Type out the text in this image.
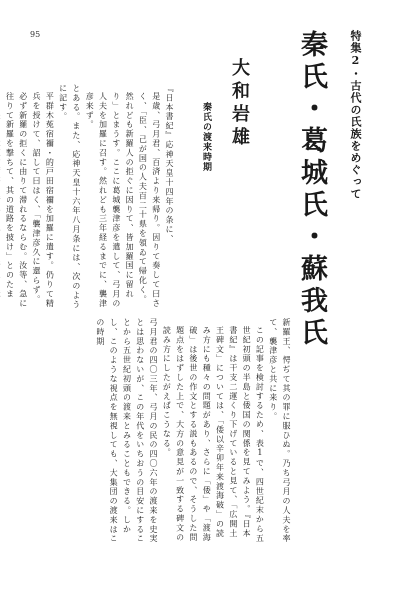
95	特集2・古代の氏族をめぐって
秦氏・葛城氏・蘇我氏
大和岩雄
秦氏の渡来時期

『日本書紀』応神天皇十四年の条に、

是歳、弓月君、百済より来帰り。因りて奏して曰さく、「臣、己が国の人夫百二十県を領ゐて帰化く。然れども新羅人の拒ぐに因りて、皆加羅国に留れり」とまうす。ここに葛城襲津彦を遣して、弓月の人夫を加羅に召す。然れども三年経るまでに、襲津彦来ず。

とある。また、応神天皇十六年八月条には、次のように記す。

平群木菟宿禰・的戸田宿禰を加羅に遣す。仍りて精兵を授けて、詔して曰はく、「襲津彦久に還らず。必ず新羅の拒くに由りて滞れるならむ。汝等、急に往りて新羅を撃ちて、其の道路を披け」とのたま

新羅王、愕ぢて其の罪に服ひぬ。乃ち弓月の人夫を率て、襲津彦と共に来り。

この記事を検討するため、表1で、四世紀末から五世紀初頭の半島と倭国の関係を見てみよう。『日本書紀』は干支二運くり下げていると見て、「広開土王碑文」については、「倭以辛卯年来渡海破」の読み方にも種々の問題があり、さらに「倭」や「渡海破」は後世の作文とする説もあるので、そうした問題点をはずした上で、大方の意見が一致する碑文の読み方にしたがえばこうなる。

弓月君の四〇三年、弓月の民の四〇六年の渡来を史実とは思わないが、この年代をいちおうの目安にすることから五世紀初頭の渡来とみることもできる。しかし、このような視点を無視しても、大集団の渡来はこの時期
